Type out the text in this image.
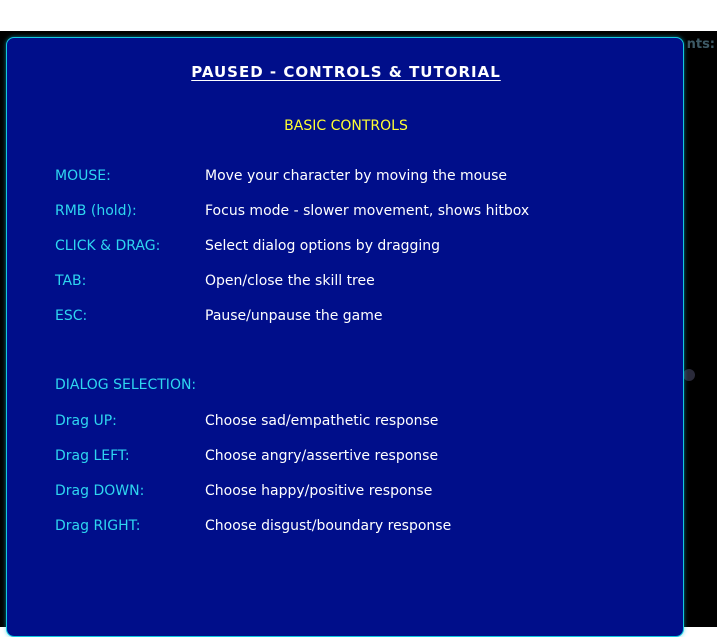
nts:
PAUSED - CONTROLS & TUTORIAL
BASIC CONTROLS
MOUSE:	Move your character by moving the mouse
RMB (hold):	Focus mode - slower movement, shows hitbox
CLICK & DRAG:	Select dialog options by dragging
TAB:	Open/close the skill tree
ESC:	Pause/unpause the game
DIALOG SELECTION:
Drag UP:	Choose sad/empathetic response
Drag LEFT:	Choose angry/assertive response
Drag DOWN:	Choose happy/positive response
Drag RIGHT:	Choose disgust/boundary response
